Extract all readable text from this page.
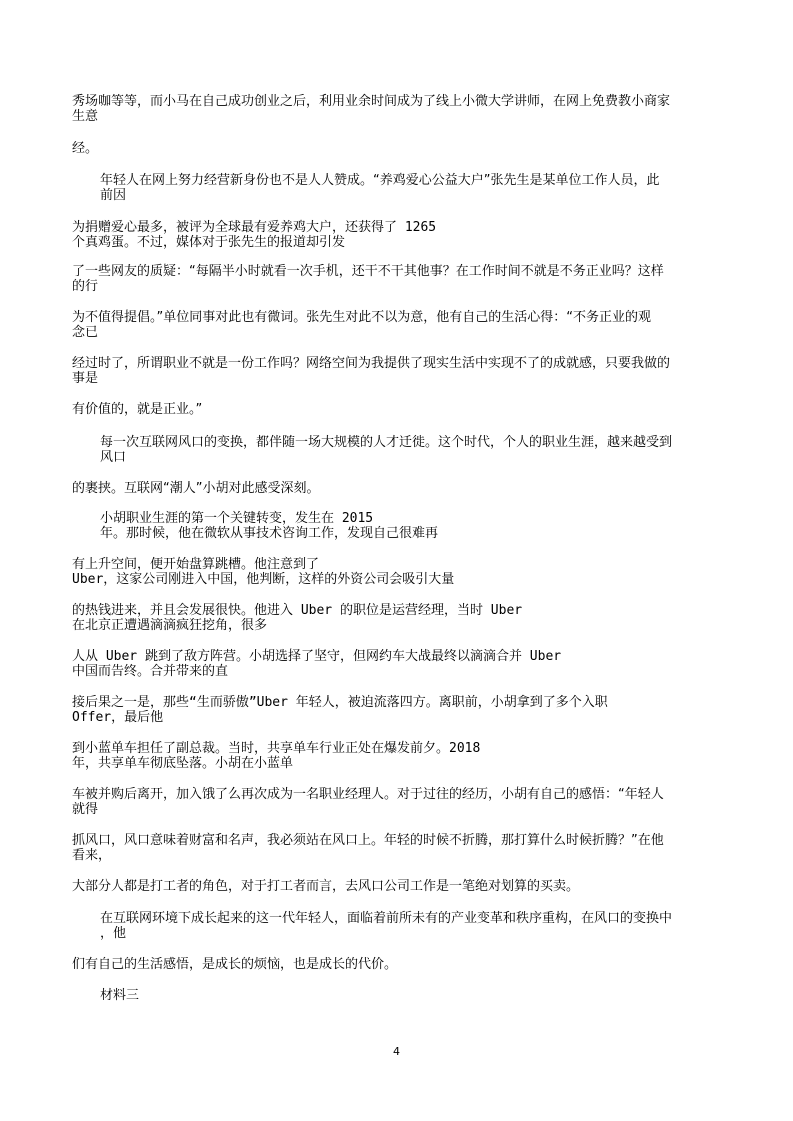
秀场咖等等，而小马在自己成功创业之后，利用业余时间成为了线上小微大学讲师，在网上免费教小商家
生意
经。
年轻人在网上努力经营新身份也不是人人赞成。“养鸡爱心公益大户”张先生是某单位工作人员，此
前因
为捐赠爱心最多，被评为全球最有爱养鸡大户，还获得了 1265
个真鸡蛋。不过，媒体对于张先生的报道却引发
了一些网友的质疑：“每隔半小时就看一次手机，还干不干其他事？在工作时间不就是不务正业吗？这样
的行
为不值得提倡。”单位同事对此也有微词。张先生对此不以为意，他有自己的生活心得：“不务正业的观
念已
经过时了，所谓职业不就是一份工作吗？网络空间为我提供了现实生活中实现不了的成就感，只要我做的
事是
有价值的，就是正业。”
每一次互联网风口的变换，都伴随一场大规模的人才迁徙。这个时代，个人的职业生涯，越来越受到
风口
的裹挟。互联网“潮人”小胡对此感受深刻。
小胡职业生涯的第一个关键转变，发生在 2015
年。那时候，他在微软从事技术咨询工作，发现自己很难再
有上升空间，便开始盘算跳槽。他注意到了
Uber，这家公司刚进入中国，他判断，这样的外资公司会吸引大量
的热钱进来，并且会发展很快。他进入 Uber 的职位是运营经理，当时 Uber
在北京正遭遇滴滴疯狂挖角，很多
人从 Uber 跳到了敌方阵营。小胡选择了坚守，但网约车大战最终以滴滴合并 Uber
中国而告终。合并带来的直
接后果之一是，那些“生而骄傲”Uber 年轻人，被迫流落四方。离职前，小胡拿到了多个入职
Offer，最后他
到小蓝单车担任了副总裁。当时，共享单车行业正处在爆发前夕。2018
年，共享单车彻底坠落。小胡在小蓝单
车被并购后离开，加入饿了么再次成为一名职业经理人。对于过往的经历，小胡有自己的感悟：“年轻人
就得
抓风口，风口意味着财富和名声，我必须站在风口上。年轻的时候不折腾，那打算什么时候折腾？”在他
看来，
大部分人都是打工者的角色，对于打工者而言，去风口公司工作是一笔绝对划算的买卖。
在互联网环境下成长起来的这一代年轻人，面临着前所未有的产业变革和秩序重构，在风口的变换中
，他
们有自己的生活感悟，是成长的烦恼，也是成长的代价。
材料三
4
